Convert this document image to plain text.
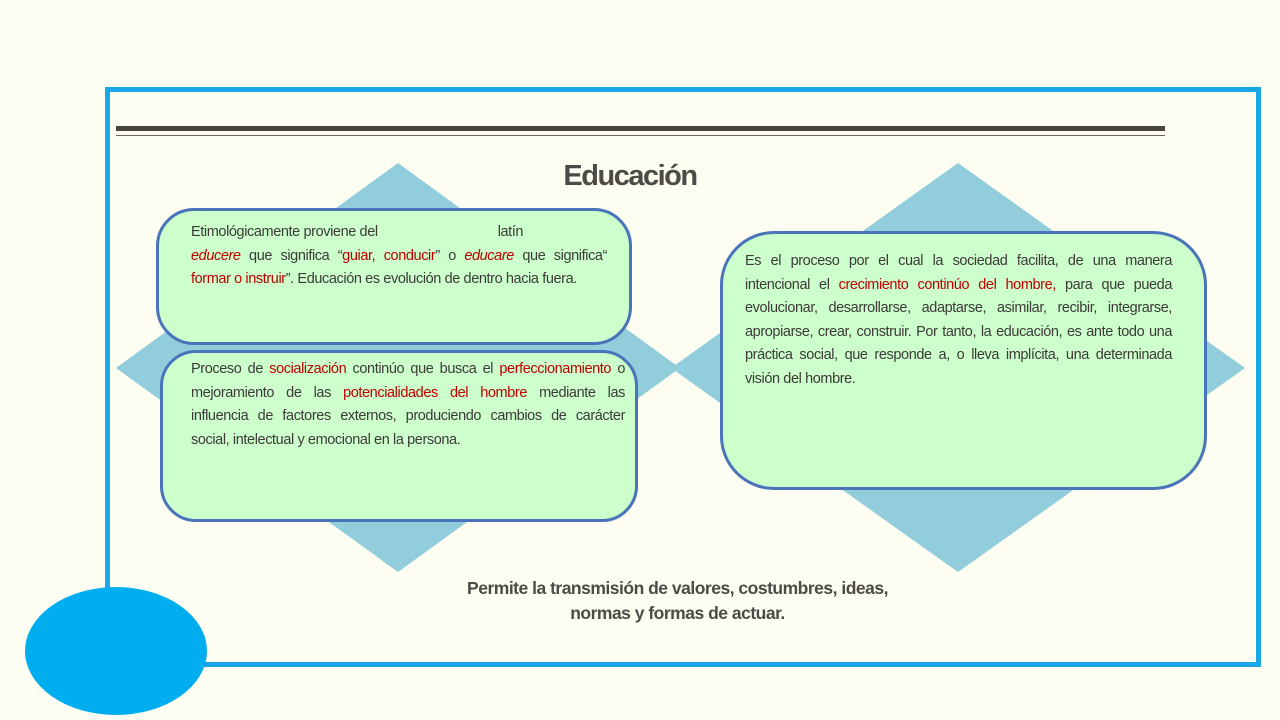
Educación
Etimológicamente proviene del	latín
educere que significa “guiar, conducir” o educare que significa“ formar o instruir”. Educación es evolución de dentro hacia fuera.
Proceso de socialización continúo que busca el perfeccionamiento o mejoramiento de las potencialidades del hombre mediante las influencia de factores externos, produciendo cambios de carácter social, intelectual y emocional en la persona.
Es el proceso por el cual la sociedad facilita, de una manera intencional el crecimiento continúo del hombre, para que pueda evolucionar, desarrollarse, adaptarse, asimilar, recibir, integrarse, apropiarse, crear, construir. Por tanto, la educación, es ante todo una práctica social, que responde a, o lleva implícita, una determinada visión del hombre.
Permite la transmisión de valores, costumbres, ideas,
normas y formas de actuar.
